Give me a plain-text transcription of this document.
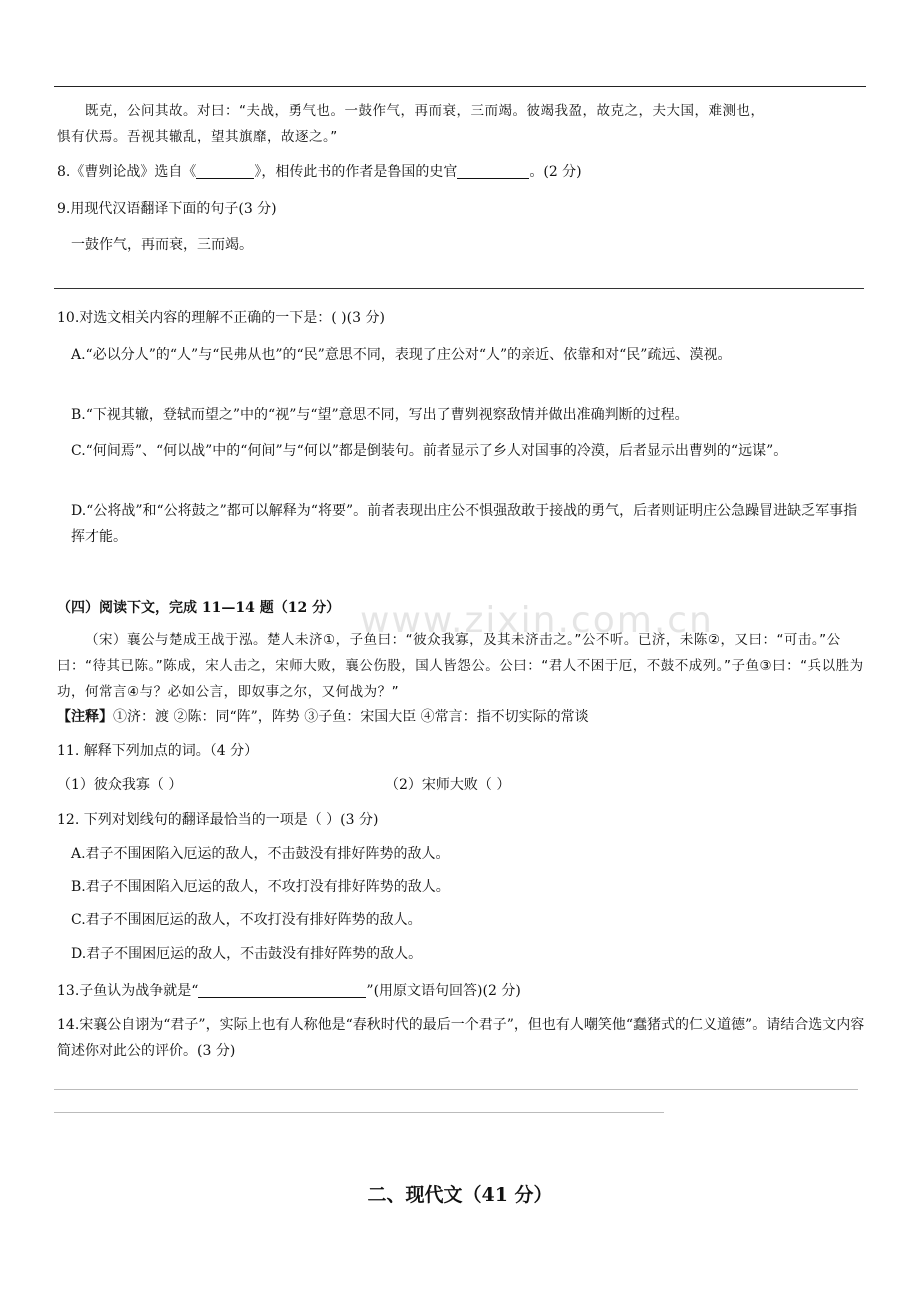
既克，公问其故。对曰：“夫战，勇气也。一鼓作气，再而衰，三而竭。彼竭我盈，故克之，夫大国，难测也，
惧有伏焉。吾视其辙乱，望其旗靡，故逐之。”
8.《曹刿论战》选自《	》，相传此书的作者是鲁国的史官	。(2 分)
9.用现代汉语翻译下面的句子(3 分)
一鼓作气，再而衰，三而竭。
10.对选文相关内容的理解不正确的一下是：( )(3 分)
A.“必以分人”的“人”与“民弗从也”的“民”意思不同，表现了庄公对“人”的亲近、依靠和对“民”疏远、漠视。
B.“下视其辙，登轼而望之”中的“视”与“望”意思不同，写出了曹刿视察敌情并做出准确判断的过程。
C.“何间焉”、“何以战”中的“何间”与“何以”都是倒装句。前者显示了乡人对国事的冷漠，后者显示出曹刿的“远谋”。
D.“公将战”和“公将鼓之”都可以解释为“将要”。前者表现出庄公不惧强敌敢于接战的勇气，后者则证明庄公急躁冒进缺乏军事指挥才能。
（四）阅读下文，完成 11—14 题（12 分）
（宋）襄公与楚成王战于泓。楚人未济①，子鱼曰：“彼众我寡，及其未济击之。”公不听。已济，未陈②，又曰：“可击。”公曰：“待其已陈。”陈成，宋人击之，宋师大败，襄公伤股，国人皆怨公。公曰：“君人不困于厄，不鼓不成列。”子鱼③曰：“兵以胜为功，何常言④与？必如公言，即奴事之尔，又何战为？”
【注释】①济：渡 ②陈：同“阵”，阵势 ③子鱼：宋国大臣 ④常言：指不切实际的常谈
www.zixin.com.cn
11. 解释下列加点的词。（4 分）
（1）彼众我寡（ ）	（2）宋师大败（ ）
12. 下列对划线句的翻译最恰当的一项是（ ）(3 分)
A.君子不围困陷入厄运的敌人，不击鼓没有排好阵势的敌人。
B.君子不围困陷入厄运的敌人，不攻打没有排好阵势的敌人。
C.君子不围困厄运的敌人，不攻打没有排好阵势的敌人。
D.君子不围困厄运的敌人，不击鼓没有排好阵势的敌人。
13.子鱼认为战争就是“	”(用原文语句回答)(2 分)
14.宋襄公自诩为“君子”，实际上也有人称他是“春秋时代的最后一个君子”，但也有人嘲笑他“蠢猪式的仁义道德”。请结合选文内容简述你对此公的评价。(3 分)
二、现代文（41 分）
